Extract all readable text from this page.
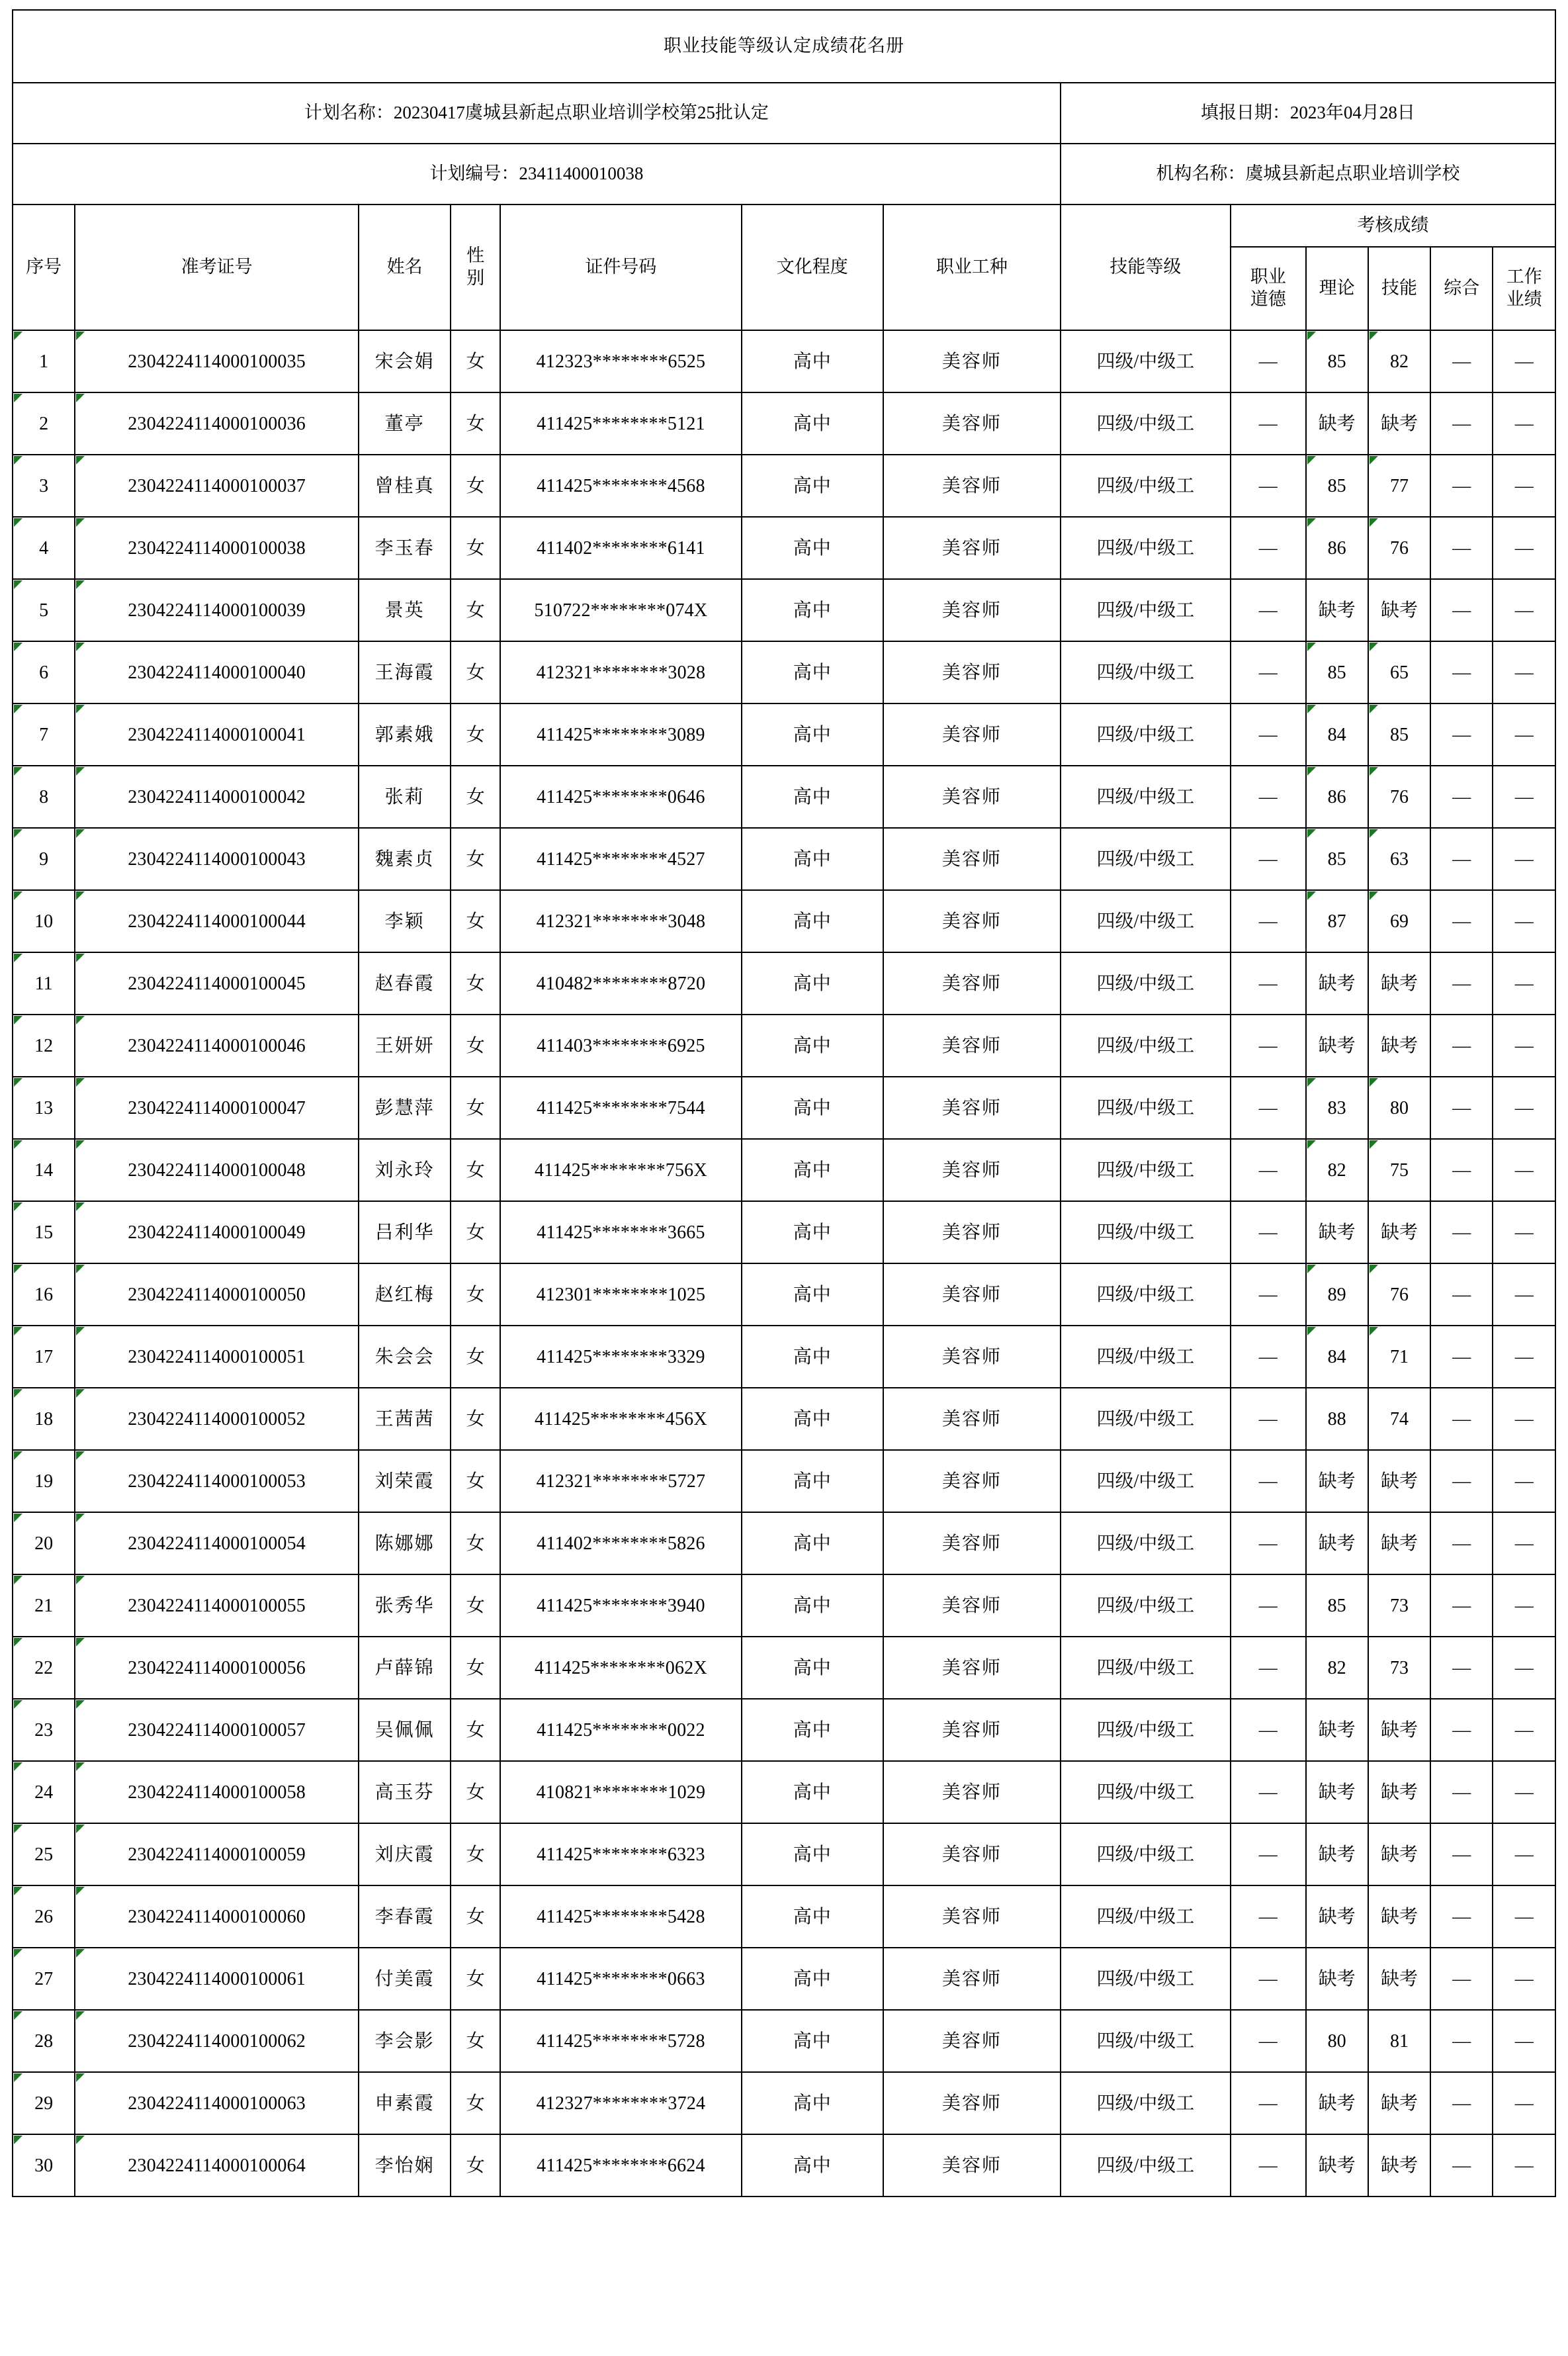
职业技能等级认定成绩花名册												
计划名称：20230417虞城县新起点职业培训学校第25批认定							填报日期：2023年04月28日					
计划编号：23411400010038							机构名称：虞城县新起点职业培训学校					
序号	准考证号	姓名	性
别	证件号码	文化程度	职业工种	技能等级	考核成绩				

								职业
道德	理论	技能	综合	工作
业绩

1	2304224114000100035	宋会娟	女	412323********6525	高中	美容师	四级/中级工	—	85	82	—	—
2	2304224114000100036	董亭	女	411425********5121	高中	美容师	四级/中级工	—	缺考	缺考	—	—
3	2304224114000100037	曾桂真	女	411425********4568	高中	美容师	四级/中级工	—	85	77	—	—
4	2304224114000100038	李玉春	女	411402********6141	高中	美容师	四级/中级工	—	86	76	—	—
5	2304224114000100039	景英	女	510722********074X	高中	美容师	四级/中级工	—	缺考	缺考	—	—
6	2304224114000100040	王海霞	女	412321********3028	高中	美容师	四级/中级工	—	85	65	—	—
7	2304224114000100041	郭素娥	女	411425********3089	高中	美容师	四级/中级工	—	84	85	—	—
8	2304224114000100042	张莉	女	411425********0646	高中	美容师	四级/中级工	—	86	76	—	—
9	2304224114000100043	魏素贞	女	411425********4527	高中	美容师	四级/中级工	—	85	63	—	—
10	2304224114000100044	李颖	女	412321********3048	高中	美容师	四级/中级工	—	87	69	—	—
11	2304224114000100045	赵春霞	女	410482********8720	高中	美容师	四级/中级工	—	缺考	缺考	—	—
12	2304224114000100046	王妍妍	女	411403********6925	高中	美容师	四级/中级工	—	缺考	缺考	—	—
13	2304224114000100047	彭慧萍	女	411425********7544	高中	美容师	四级/中级工	—	83	80	—	—
14	2304224114000100048	刘永玲	女	411425********756X	高中	美容师	四级/中级工	—	82	75	—	—
15	2304224114000100049	吕利华	女	411425********3665	高中	美容师	四级/中级工	—	缺考	缺考	—	—
16	2304224114000100050	赵红梅	女	412301********1025	高中	美容师	四级/中级工	—	89	76	—	—
17	2304224114000100051	朱会会	女	411425********3329	高中	美容师	四级/中级工	—	84	71	—	—
18	2304224114000100052	王茜茜	女	411425********456X	高中	美容师	四级/中级工	—	88	74	—	—
19	2304224114000100053	刘荣霞	女	412321********5727	高中	美容师	四级/中级工	—	缺考	缺考	—	—
20	2304224114000100054	陈娜娜	女	411402********5826	高中	美容师	四级/中级工	—	缺考	缺考	—	—
21	2304224114000100055	张秀华	女	411425********3940	高中	美容师	四级/中级工	—	85	73	—	—
22	2304224114000100056	卢薛锦	女	411425********062X	高中	美容师	四级/中级工	—	82	73	—	—
23	2304224114000100057	吴佩佩	女	411425********0022	高中	美容师	四级/中级工	—	缺考	缺考	—	—
24	2304224114000100058	高玉芬	女	410821********1029	高中	美容师	四级/中级工	—	缺考	缺考	—	—
25	2304224114000100059	刘庆霞	女	411425********6323	高中	美容师	四级/中级工	—	缺考	缺考	—	—
26	2304224114000100060	李春霞	女	411425********5428	高中	美容师	四级/中级工	—	缺考	缺考	—	—
27	2304224114000100061	付美霞	女	411425********0663	高中	美容师	四级/中级工	—	缺考	缺考	—	—
28	2304224114000100062	李会影	女	411425********5728	高中	美容师	四级/中级工	—	80	81	—	—
29	2304224114000100063	申素霞	女	412327********3724	高中	美容师	四级/中级工	—	缺考	缺考	—	—
30	2304224114000100064	李怡娴	女	411425********6624	高中	美容师	四级/中级工	—	缺考	缺考	—	—
